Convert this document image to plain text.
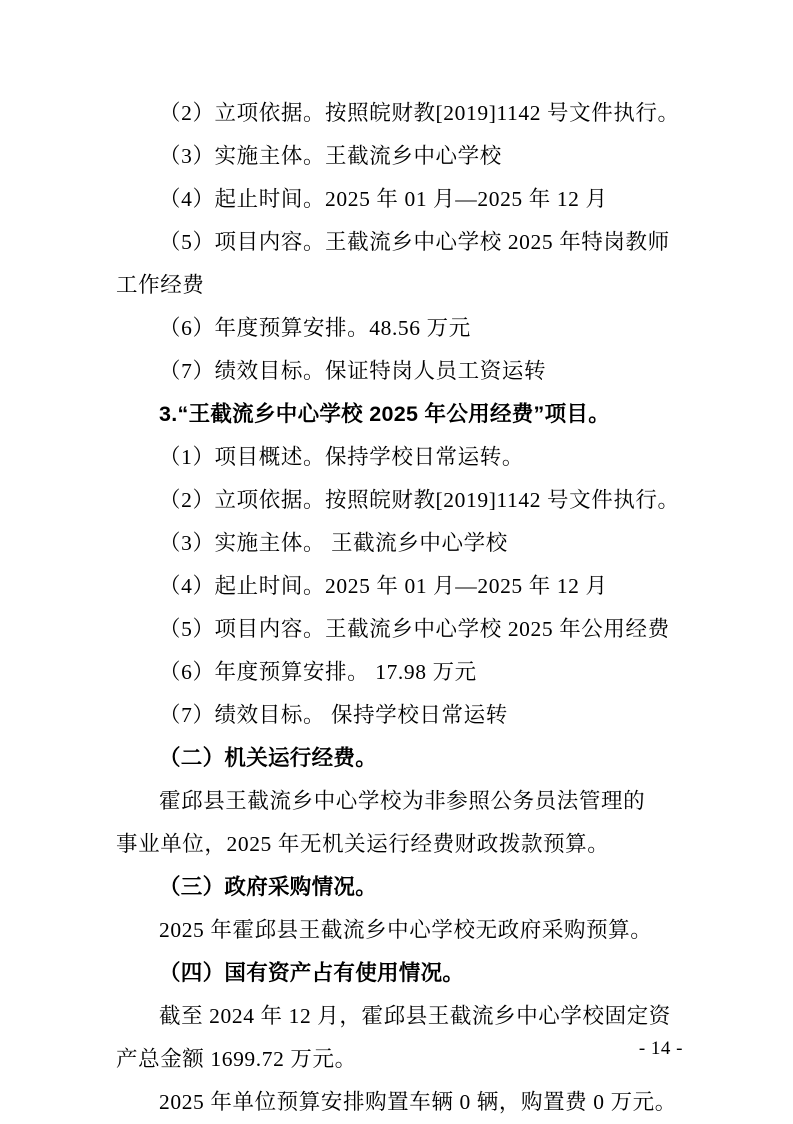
（2）立项依据。按照皖财教[2019]1142 号文件执行。

（3）实施主体。王截流乡中心学校

（4）起止时间。2025 年 01 月—2025 年 12 月

（5）项目内容。王截流乡中心学校 2025 年特岗教师

工作经费

（6）年度预算安排。48.56 万元

（7）绩效目标。保证特岗人员工资运转

3.“王截流乡中心学校 2025 年公用经费”项目。

（1）项目概述。保持学校日常运转。

（2）立项依据。按照皖财教[2019]1142 号文件执行。

（3）实施主体。 王截流乡中心学校

（4）起止时间。2025 年 01 月—2025 年 12 月

（5）项目内容。王截流乡中心学校 2025 年公用经费

（6）年度预算安排。 17.98 万元

（7）绩效目标。 保持学校日常运转

（二）机关运行经费。

霍邱县王截流乡中心学校为非参照公务员法管理的

事业单位，2025 年无机关运行经费财政拨款预算。

（三）政府采购情况。

2025 年霍邱县王截流乡中心学校无政府采购预算。

（四）国有资产占有使用情况。

截至 2024 年 12 月，霍邱县王截流乡中心学校固定资

产总金额 1699.72 万元。

2025 年单位预算安排购置车辆 0 辆，购置费 0 万元。

- 14 -
